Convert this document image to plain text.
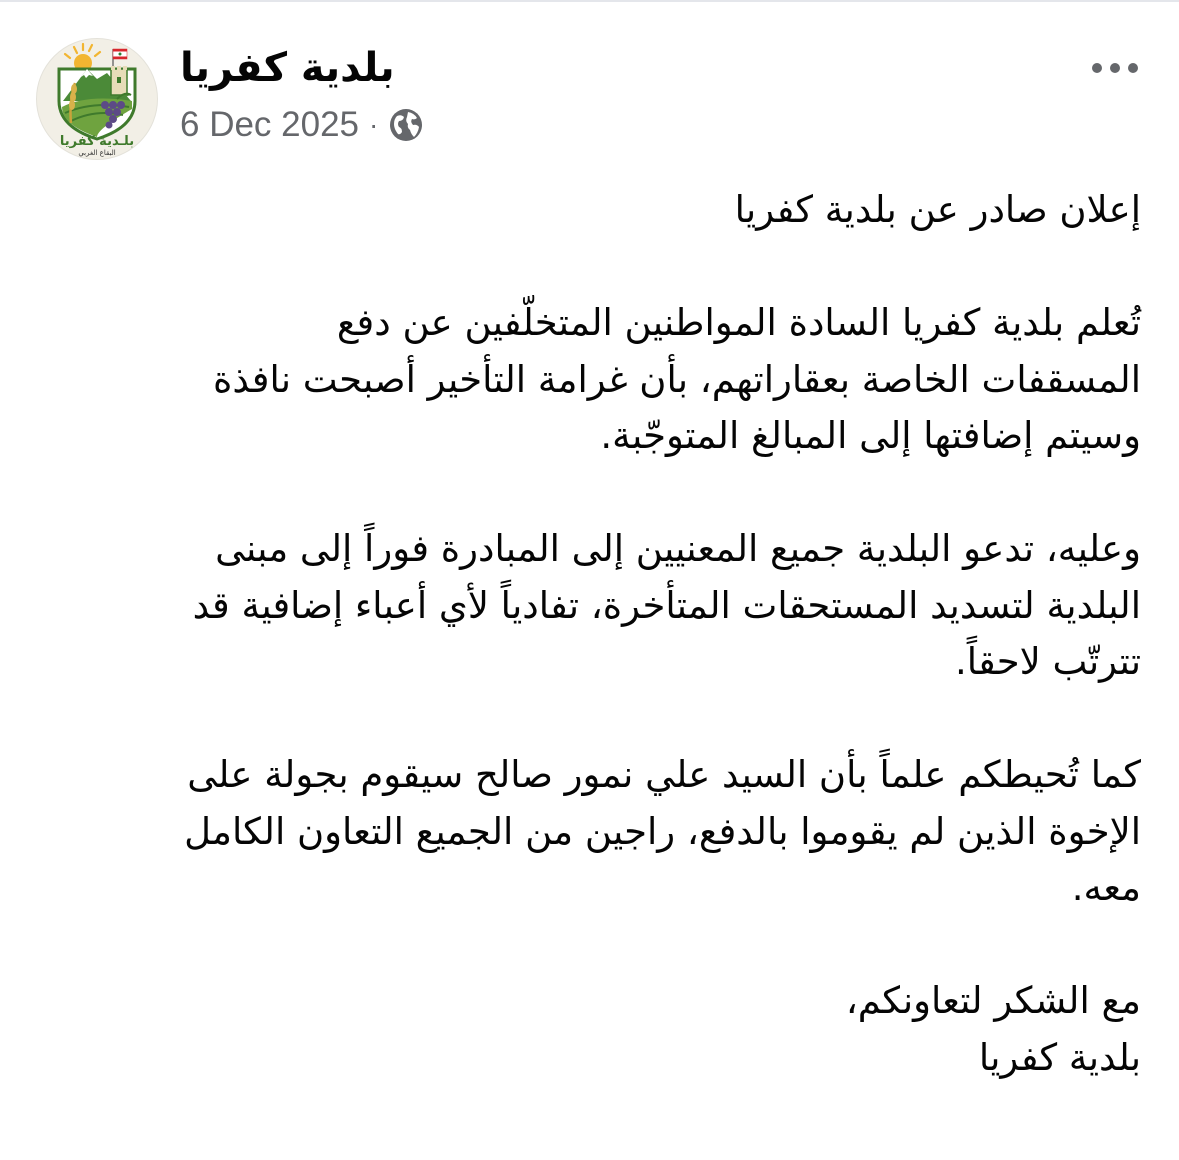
بلـدية كفريا
البقاع الغربي
بلدية كفريا
6 Dec 2025 ·

إعلان صادر عن بلدية كفريا

تُعلم بلدية كفريا السادة المواطنين المتخلّفين عن دفع
المسقفات الخاصة بعقاراتهم، بأن غرامة التأخير أصبحت نافذة
وسيتم إضافتها إلى المبالغ المتوجّبة.

وعليه، تدعو البلدية جميع المعنيين إلى المبادرة فوراً إلى مبنى
البلدية لتسديد المستحقات المتأخرة، تفادياً لأي أعباء إضافية قد
تترتّب لاحقاً.

كما تُحيطكم علماً بأن السيد علي نمور صالح سيقوم بجولة على
الإخوة الذين لم يقوموا بالدفع، راجين من الجميع التعاون الكامل
معه.

مع الشكر لتعاونكم،
بلدية كفريا
